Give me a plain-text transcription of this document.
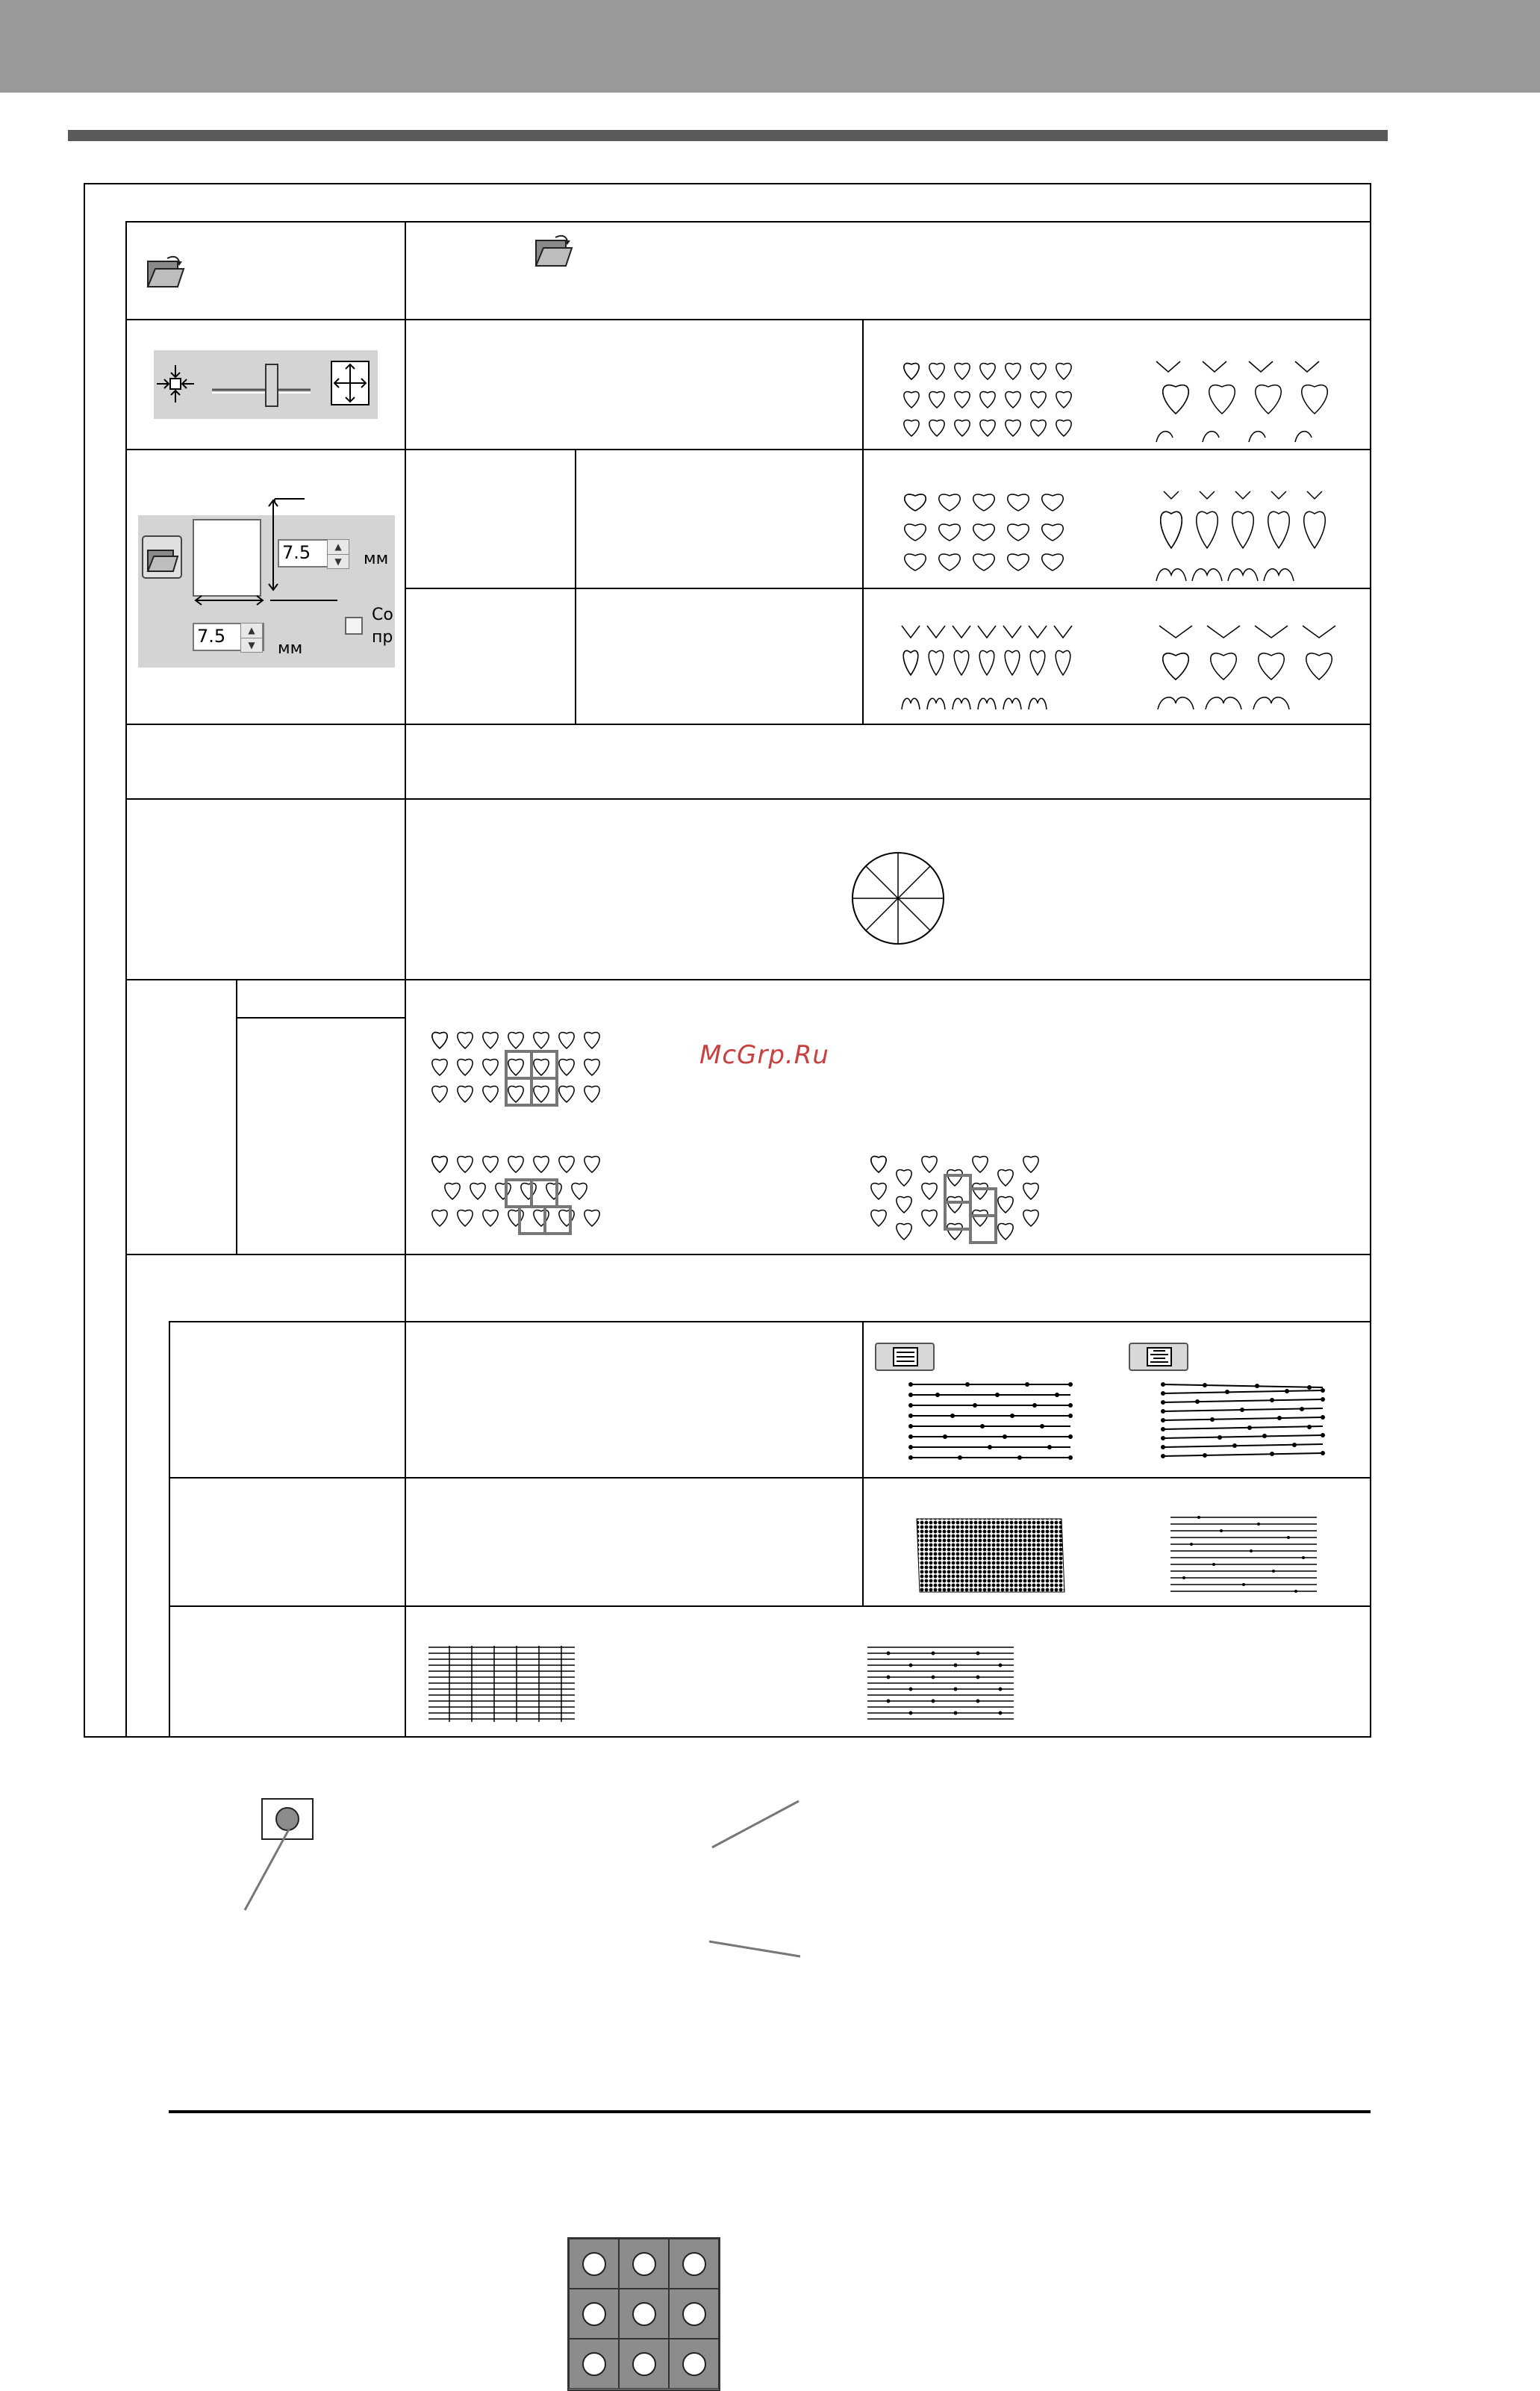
7.5	▲
▼	мм
7.5	▲
▼	мм
Co
пр
McGrp.Ru
